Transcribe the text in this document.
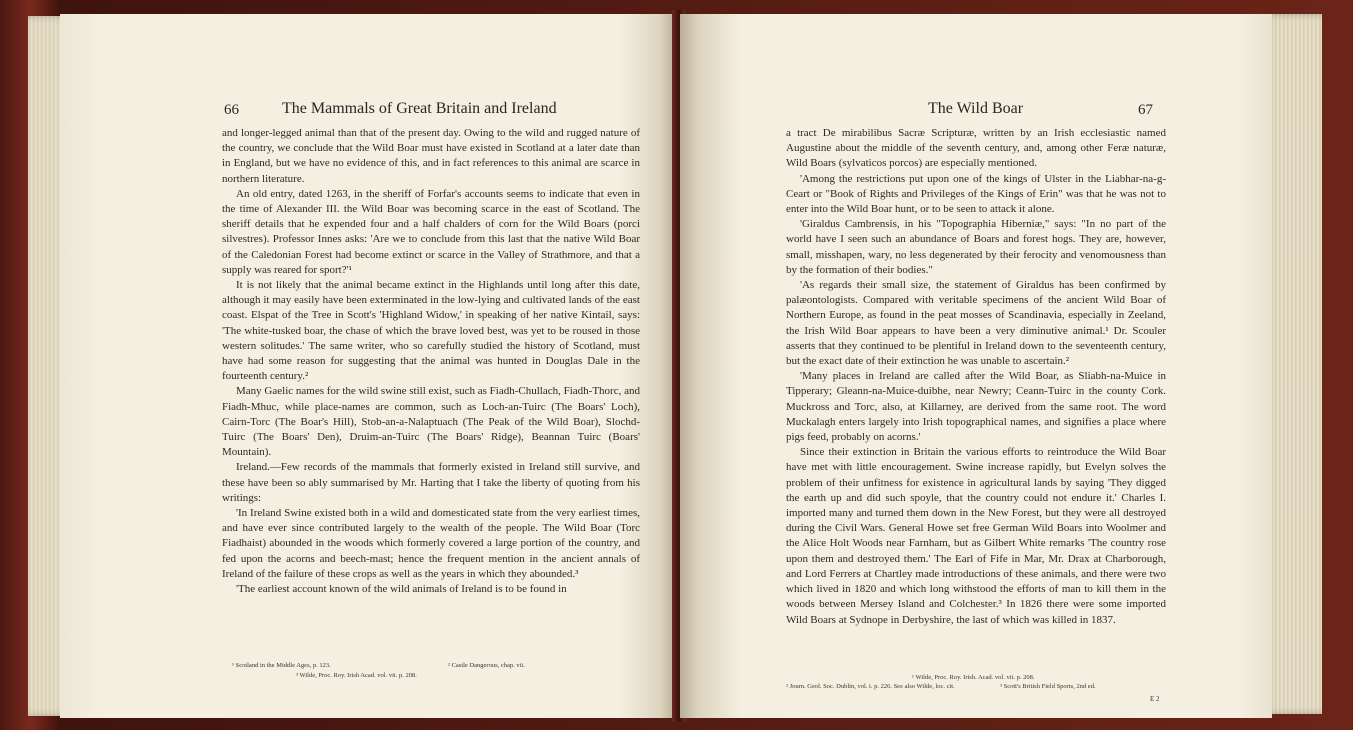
66	The Mammals of Great Britain and Ireland

and longer-legged animal than that of the present day. Owing to the wild and rugged nature of the country, we conclude that the Wild Boar must have existed in Scotland at a later date than in England, but we have no evidence of this, and in fact references to this animal are scarce in northern literature.

An old entry, dated 1263, in the sheriff of Forfar's accounts seems to indicate that even in the time of Alexander III. the Wild Boar was becoming scarce in the east of Scotland. The sheriff details that he expended four and a half chalders of corn for the Wild Boars (porci silvestres). Professor Innes asks: 'Are we to conclude from this last that the native Wild Boar of the Caledonian Forest had become extinct or scarce in the Valley of Strathmore, and that a supply was reared for sport?'¹

It is not likely that the animal became extinct in the Highlands until long after this date, although it may easily have been exterminated in the low-lying and cultivated lands of the east coast. Elspat of the Tree in Scott's 'Highland Widow,' in speaking of her native Kintail, says: 'The white-tusked boar, the chase of which the brave loved best, was yet to be roused in those western solitudes.' The same writer, who so carefully studied the history of Scotland, must have had some reason for suggesting that the animal was hunted in Douglas Dale in the fourteenth century.²

Many Gaelic names for the wild swine still exist, such as Fiadh-Chullach, Fiadh-Thorc, and Fiadh-Mhuc, while place-names are common, such as Loch-an-Tuirc (The Boars' Loch), Cairn-Torc (The Boar's Hill), Stob-an-a-Nalaptuach (The Peak of the Wild Boar), Slochd-Tuirc (The Boars' Den), Druim-an-Tuirc (The Boars' Ridge), Beannan Tuirc (Boars' Mountain).

Ireland.—Few records of the mammals that formerly existed in Ireland still survive, and these have been so ably summarised by Mr. Harting that I take the liberty of quoting from his writings:

'In Ireland Swine existed both in a wild and domesticated state from the very earliest times, and have ever since contributed largely to the wealth of the people. The Wild Boar (Torc Fiadhaist) abounded in the woods which formerly covered a large portion of the country, and fed upon the acorns and beech-mast; hence the frequent mention in the ancient annals of Ireland of the failure of these crops as well as the years in which they abounded.³

'The earliest account known of the wild animals of Ireland is to be found in

¹ Scotland in the Middle Ages, p. 123.	² Castle Dangerous, chap. vii.
³ Wilde, Proc. Roy. Irish Acad. vol. vii. p. 208.
The Wild Boar	67

a tract De mirabilibus Sacræ Scripturæ, written by an Irish ecclesiastic named Augustine about the middle of the seventh century, and, among other Feræ naturæ, Wild Boars (sylvaticos porcos) are especially mentioned.

'Among the restrictions put upon one of the kings of Ulster in the Liabhar-na-g-Ceart or "Book of Rights and Privileges of the Kings of Erin" was that he was not to enter into the Wild Boar hunt, or to be seen to attack it alone.

'Giraldus Cambrensis, in his "Topographia Hiberniæ," says: "In no part of the world have I seen such an abundance of Boars and forest hogs. They are, however, small, misshapen, wary, no less degenerated by their ferocity and venomousness than by the formation of their bodies."

'As regards their small size, the statement of Giraldus has been confirmed by palæontologists. Compared with veritable specimens of the ancient Wild Boar of Northern Europe, as found in the peat mosses of Scandinavia, especially in Zeeland, the Irish Wild Boar appears to have been a very diminutive animal.¹ Dr. Scouler asserts that they continued to be plentiful in Ireland down to the seventeenth century, but the exact date of their extinction he was unable to ascertain.²

'Many places in Ireland are called after the Wild Boar, as Sliabh-na-Muice in Tipperary; Gleann-na-Muice-duibhe, near Newry; Ceann-Tuirc in the county Cork. Muckross and Torc, also, at Killarney, are derived from the same root. The word Muckalagh enters largely into Irish topographical names, and signifies a place where pigs feed, probably on acorns.'

Since their extinction in Britain the various efforts to reintroduce the Wild Boar have met with little encouragement. Swine increase rapidly, but Evelyn solves the problem of their unfitness for existence in agricultural lands by saying 'They digged the earth up and did such spoyle, that the country could not endure it.' Charles I. imported many and turned them down in the New Forest, but they were all destroyed during the Civil Wars. General Howe set free German Wild Boars into Woolmer and the Alice Holt Woods near Farnham, but as Gilbert White remarks 'The country rose upon them and destroyed them.' The Earl of Fife in Mar, Mr. Drax at Charborough, and Lord Ferrers at Chartley made introductions of these animals, and there were two which lived in 1820 and which long withstood the efforts of man to kill them in the woods between Mersey Island and Colchester.³ In 1826 there were some imported Wild Boars at Sydnope in Derbyshire, the last of which was killed in 1837.

¹ Wilde, Proc. Roy. Irish. Acad. vol. vii. p. 208.
² Journ. Geol. Soc. Dublin, vol. i. p. 226. See also Wilde, loc. cit.	³ Scott's British Field Sports, 2nd ed.
E 2
